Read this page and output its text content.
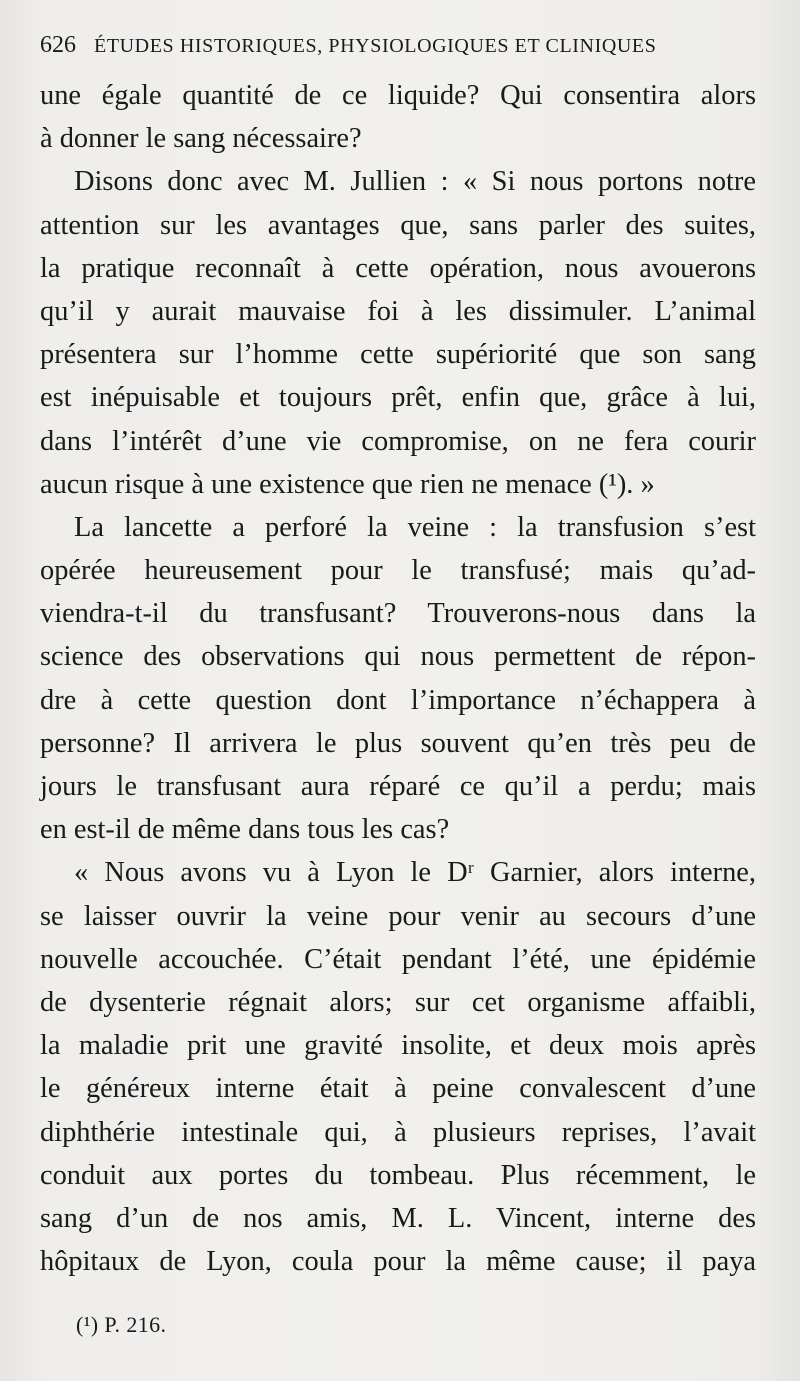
626 ÉTUDES HISTORIQUES, PHYSIOLOGIQUES ET CLINIQUES
une égale quantité de ce liquide? Qui consentira alors
à donner le sang nécessaire?
Disons donc avec M. Jullien : « Si nous portons notre
attention sur les avantages que, sans parler des suites,
la pratique reconnaît à cette opération, nous avouerons
qu’il y aurait mauvaise foi à les dissimuler. L’animal
présentera sur l’homme cette supériorité que son sang
est inépuisable et toujours prêt, enfin que, grâce à lui,
dans l’intérêt d’une vie compromise, on ne fera courir
aucun risque à une existence que rien ne menace (¹). »
La lancette a perforé la veine : la transfusion s’est
opérée heureusement pour le transfusé; mais qu’ad-
viendra-t-il du transfusant? Trouverons-nous dans la
science des observations qui nous permettent de répon-
dre à cette question dont l’importance n’échappera à
personne? Il arrivera le plus souvent qu’en très peu de
jours le transfusant aura réparé ce qu’il a perdu; mais
en est-il de même dans tous les cas?
« Nous avons vu à Lyon le Dʳ Garnier, alors interne,
se laisser ouvrir la veine pour venir au secours d’une
nouvelle accouchée. C’était pendant l’été, une épidémie
de dysenterie régnait alors; sur cet organisme affaibli,
la maladie prit une gravité insolite, et deux mois après
le généreux interne était à peine convalescent d’une
diphthérie intestinale qui, à plusieurs reprises, l’avait
conduit aux portes du tombeau. Plus récemment, le
sang d’un de nos amis, M. L. Vincent, interne des
hôpitaux de Lyon, coula pour la même cause; il paya
(¹) P. 216.
